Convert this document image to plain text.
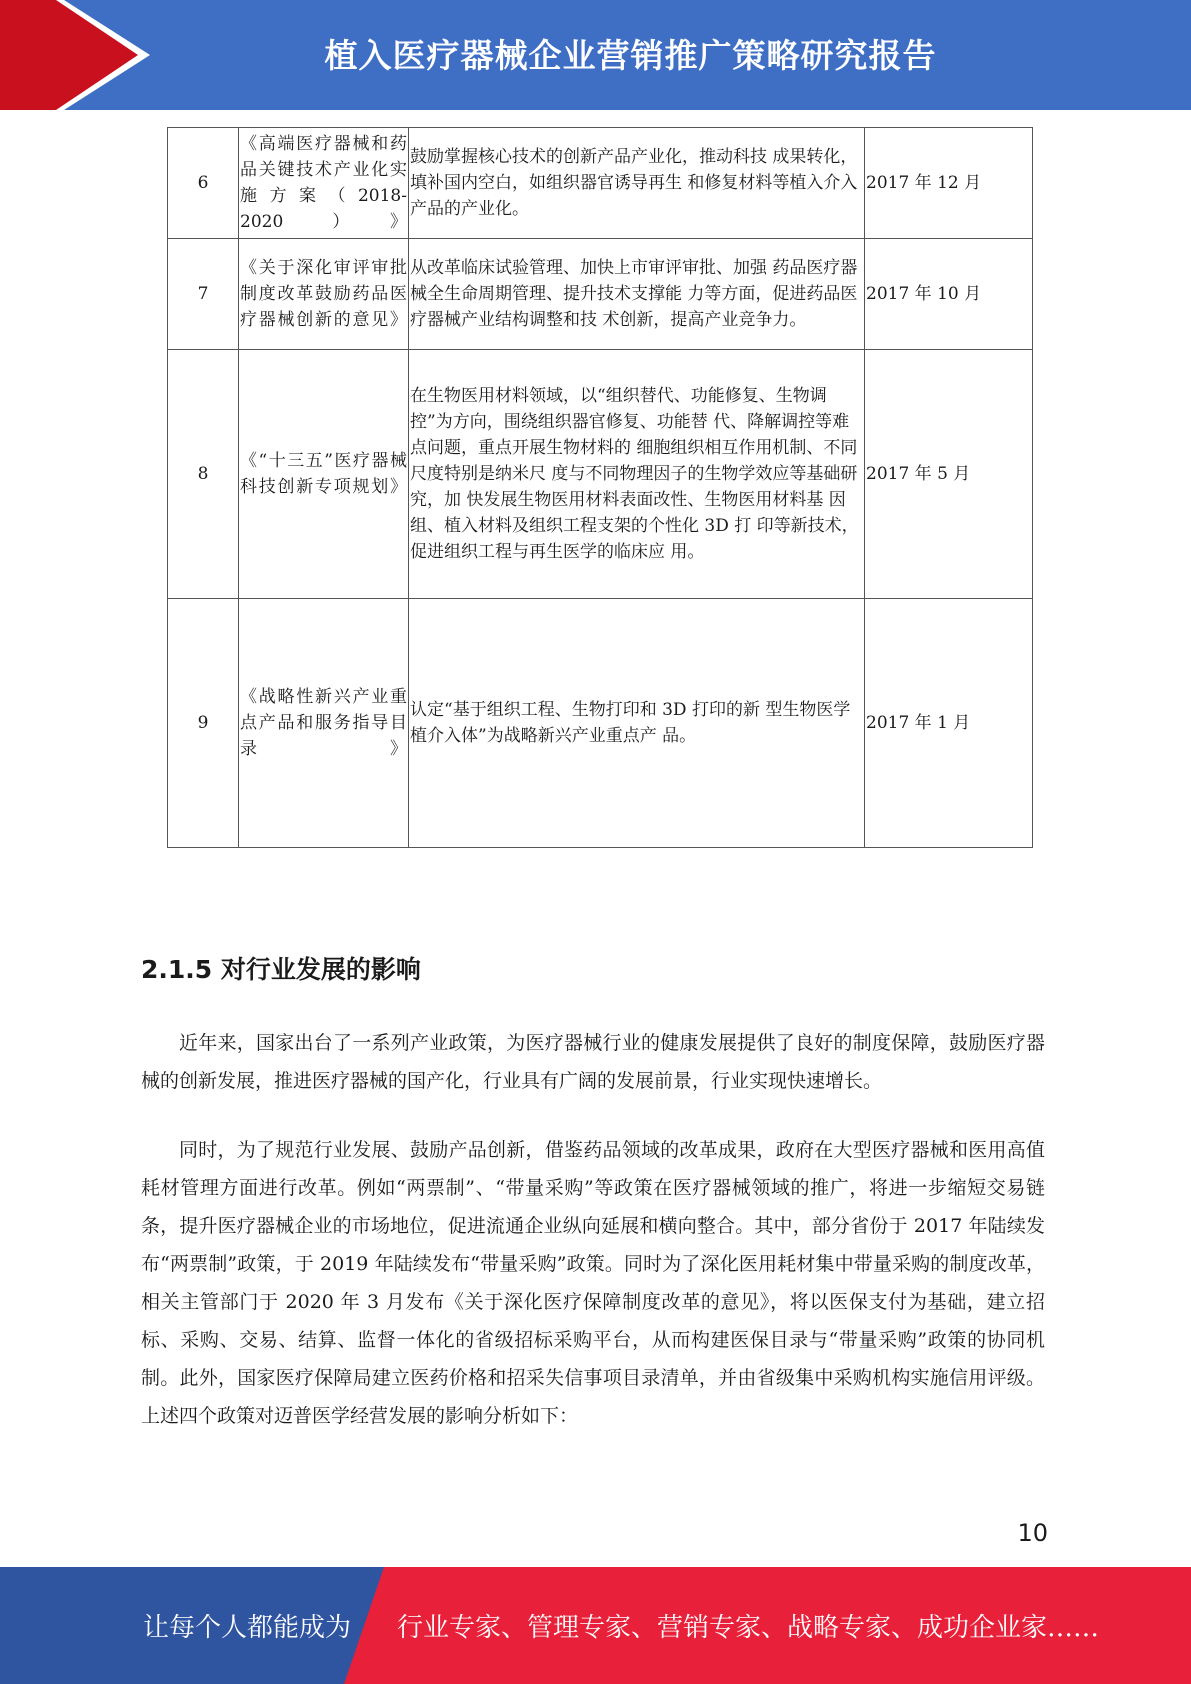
植入医疗器械企业营销推广策略研究报告
6	《高端医疗器械和药品关键技术产业化实施方案（2018-2020）》	鼓励掌握核心技术的创新产品产业化，推动科技 成果转化，填补国内空白，如组织器官诱导再生 和修复材料等植入介入产品的产业化。	2017 年 12 月
7	《关于深化审评审批制度改革鼓励药品医疗器械创新的意见》	从改革临床试验管理、加快上市审评审批、加强 药品医疗器械全生命周期管理、提升技术支撑能 力等方面，促进药品医疗器械产业结构调整和技 术创新，提高产业竞争力。	2017 年 10 月
8	《“十三五”医疗器械科技创新专项规划》	在生物医用材料领域，以“组织替代、功能修复、生物调控”为方向，围绕组织器官修复、功能替 代、降解调控等难点问题，重点开展生物材料的 细胞组织相互作用机制、不同尺度特别是纳米尺 度与不同物理因子的生物学效应等基础研究，加 快发展生物医用材料表面改性、生物医用材料基 因组、植入材料及组织工程支架的个性化 3D 打 印等新技术，促进组织工程与再生医学的临床应 用。	2017 年 5 月
9	《战略性新兴产业重点产品和服务指导目录》	认定“基于组织工程、生物打印和 3D 打印的新 型生物医学植介入体”为战略新兴产业重点产 品。	2017 年 1 月
2.1.5 对行业发展的影响

近年来，国家出台了一系列产业政策，为医疗器械行业的健康发展提供了良好的制度保障，鼓励医疗器械的创新发展，推进医疗器械的国产化，行业具有广阔的发展前景，行业实现快速增长。

同时，为了规范行业发展、鼓励产品创新，借鉴药品领域的改革成果，政府在大型医疗器械和医用高值耗材管理方面进行改革。例如“两票制”、“带量采购”等政策在医疗器械领域的推广，将进一步缩短交易链条，提升医疗器械企业的市场地位，促进流通企业纵向延展和横向整合。其中，部分省份于 2017 年陆续发布“两票制”政策，于 2019 年陆续发布“带量采购”政策。同时为了深化医用耗材集中带量采购的制度改革，相关主管部门于 2020 年 3 月发布《关于深化医疗保障制度改革的意见》，将以医保支付为基础，建立招标、采购、交易、结算、监督一体化的省级招标采购平台，从而构建医保目录与“带量采购”政策的协同机制。此外，国家医疗保障局建立医药价格和招采失信事项目录清单，并由省级集中采购机构实施信用评级。上述四个政策对迈普医学经营发展的影响分析如下：

10
让每个人都能成为 行业专家、管理专家、营销专家、战略专家、成功企业家……
